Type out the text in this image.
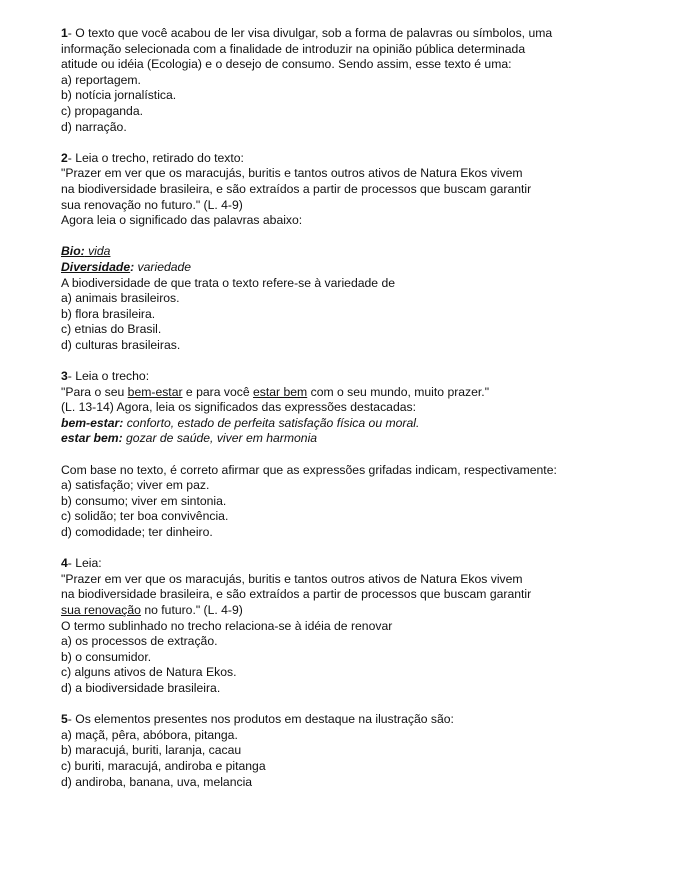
1- O texto que você acabou de ler visa divulgar, sob a forma de palavras ou símbolos, uma
informação selecionada com a finalidade de introduzir na opinião pública determinada
atitude ou idéia (Ecologia) e o desejo de consumo. Sendo assim, esse texto é uma:
a) reportagem.
b) notícia jornalística.
c) propaganda.
d) narração.
2- Leia o trecho, retirado do texto:
"Prazer em ver que os maracujás, buritis e tantos outros ativos de Natura Ekos vivem
na biodiversidade brasileira, e são extraídos a partir de processos que buscam garantir
sua renovação no futuro." (L. 4-9)
Agora leia o significado das palavras abaixo:
Bio: vida
Diversidade: variedade
A biodiversidade de que trata o texto refere-se à variedade de
a) animais brasileiros.
b) flora brasileira.
c) etnias do Brasil.
d) culturas brasileiras.
3- Leia o trecho:
"Para o seu bem-estar e para você estar bem com o seu mundo, muito prazer."
(L. 13-14) Agora, leia os significados das expressões destacadas:
bem-estar: conforto, estado de perfeita satisfação física ou moral.
estar bem: gozar de saúde, viver em harmonia
Com base no texto, é correto afirmar que as expressões grifadas indicam, respectivamente:
a) satisfação; viver em paz.
b) consumo; viver em sintonia.
c) solidão; ter boa convivência.
d) comodidade; ter dinheiro.
4- Leia:
"Prazer em ver que os maracujás, buritis e tantos outros ativos de Natura Ekos vivem
na biodiversidade brasileira, e são extraídos a partir de processos que buscam garantir
sua renovação no futuro." (L. 4-9)
O termo sublinhado no trecho relaciona-se à idéia de renovar
a) os processos de extração.
b) o consumidor.
c) alguns ativos de Natura Ekos.
d) a biodiversidade brasileira.
5- Os elementos presentes nos produtos em destaque na ilustração são:
a) maçã, pêra, abóbora, pitanga.
b) maracujá, buriti, laranja, cacau
c) buriti, maracujá, andiroba e pitanga
d) andiroba, banana, uva, melancia
